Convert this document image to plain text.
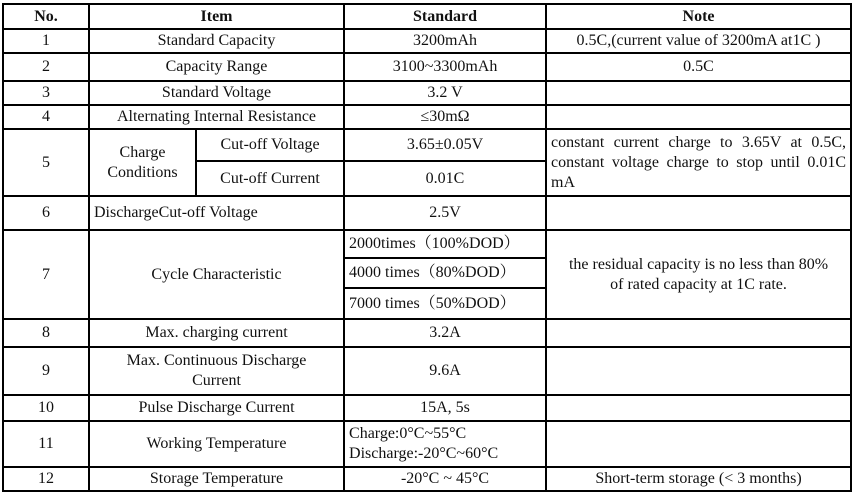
No.	Item		Standard	Note
1	Standard Capacity		3200mAh	0.5C,(current value of 3200mA at1C )
2	Capacity Range		3100~3300mAh	0.5C
3	Standard Voltage		3.2 V	
4	Alternating Internal Resistance		≤30mΩ	
5	Charge Conditions	Cut-off Voltage	3.65±0.05V	constant current charge to 3.65V at 0.5C, constant voltage charge to stop until 0.01C mA
		Cut-off Current	0.01C	
6	DischargeCut-off Voltage		2.5V	
7	Cycle Characteristic		2000times（100%DOD）	the residual capacity is no less than 80% of rated capacity at 1C rate.
			4000 times（80%DOD）	
			7000 times（50%DOD）	
8	Max. charging current		3.2A	
9	Max. Continuous Discharge Current		9.6A	
10	Pulse Discharge Current		15A, 5s	
11	Working Temperature		Charge:0°C~55°C
Discharge:-20°C~60°C	

12	Storage Temperature		-20°C ~ 45°C	Short-term storage (< 3 months)
